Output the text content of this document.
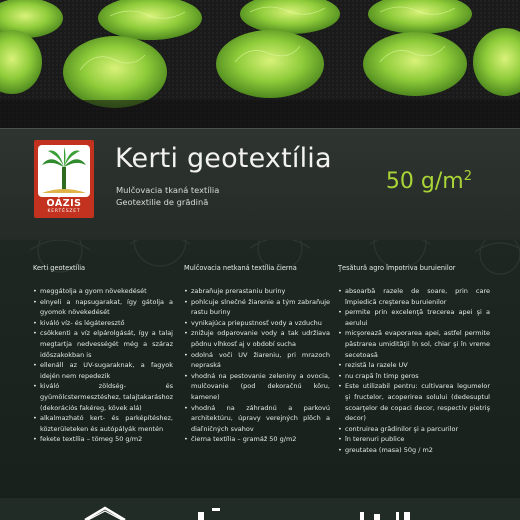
OÁZIS
KERTÉSZET
Kerti geotextília
Mulčovacia tkaná textília
Geotextilie de grădină
50 $g/m^2$
Kerti geotextília
• meggátolja a gyom növekedését
• elnyeli a napsugarakat, így gátolja a gyomok növekedését
• kiváló víz- és légáteresztő
• csökkenti a víz elpárolgását, így a talaj megtartja nedvességét még a száraz időszakokban is
• ellenáll az UV-sugaraknak, a fagyok idején nem repedezik
• kiváló zöldség- és gyümölcstermesztéshez, talajtakaráshoz (dekorációs fakéreg, kövek alá)
• alkalmazható kert- és parképítéshez, közterületeken és autópályák mentén
• fekete textília – tömeg 50 g/m2
Mulčovacia netkaná textília čierna
• zabraňuje prerastaniu buriny
• pohlcuje slnečné žiarenie a tým zabraňuje rastu buriny
• vynikajúca priepustnosť vody a vzduchu
• znižuje odparovanie vody a tak udržiava pôdnu vlhkosť aj v období sucha
• odolná voči UV žiareniu, pri mrazoch nepraská
• vhodná na pestovanie zeleniny a ovocia, mulčovanie (pod dekoračnú kôru, kamene)
• vhodná na záhradnú a parkovú architektúru, úpravy verejných plôch a diaľničných svahov
• čierna textília – gramáž 50 g/m2
Ţesătură agro împotriva buruienilor
• absoarbă razele de soare, prin care împiedică creşterea buruienilor
• permite prin excelenţă trecerea apei şi a aerului
• micşorează evaporarea apei, astfel permite păstrarea umidităţii în sol, chiar şi în vreme secetoasă
• rezistă la razele UV
• nu crapă în timp geros
• Este utilizabil pentru: cultivarea legumelor şi fructelor, acoperirea solului (dedesuptul scoarţelor de copaci decor, respectiv pietriş decor)
• contruirea grădinilor şi a parcurilor
• în terenuri publice
• greutatea (masa) 50g / m2
